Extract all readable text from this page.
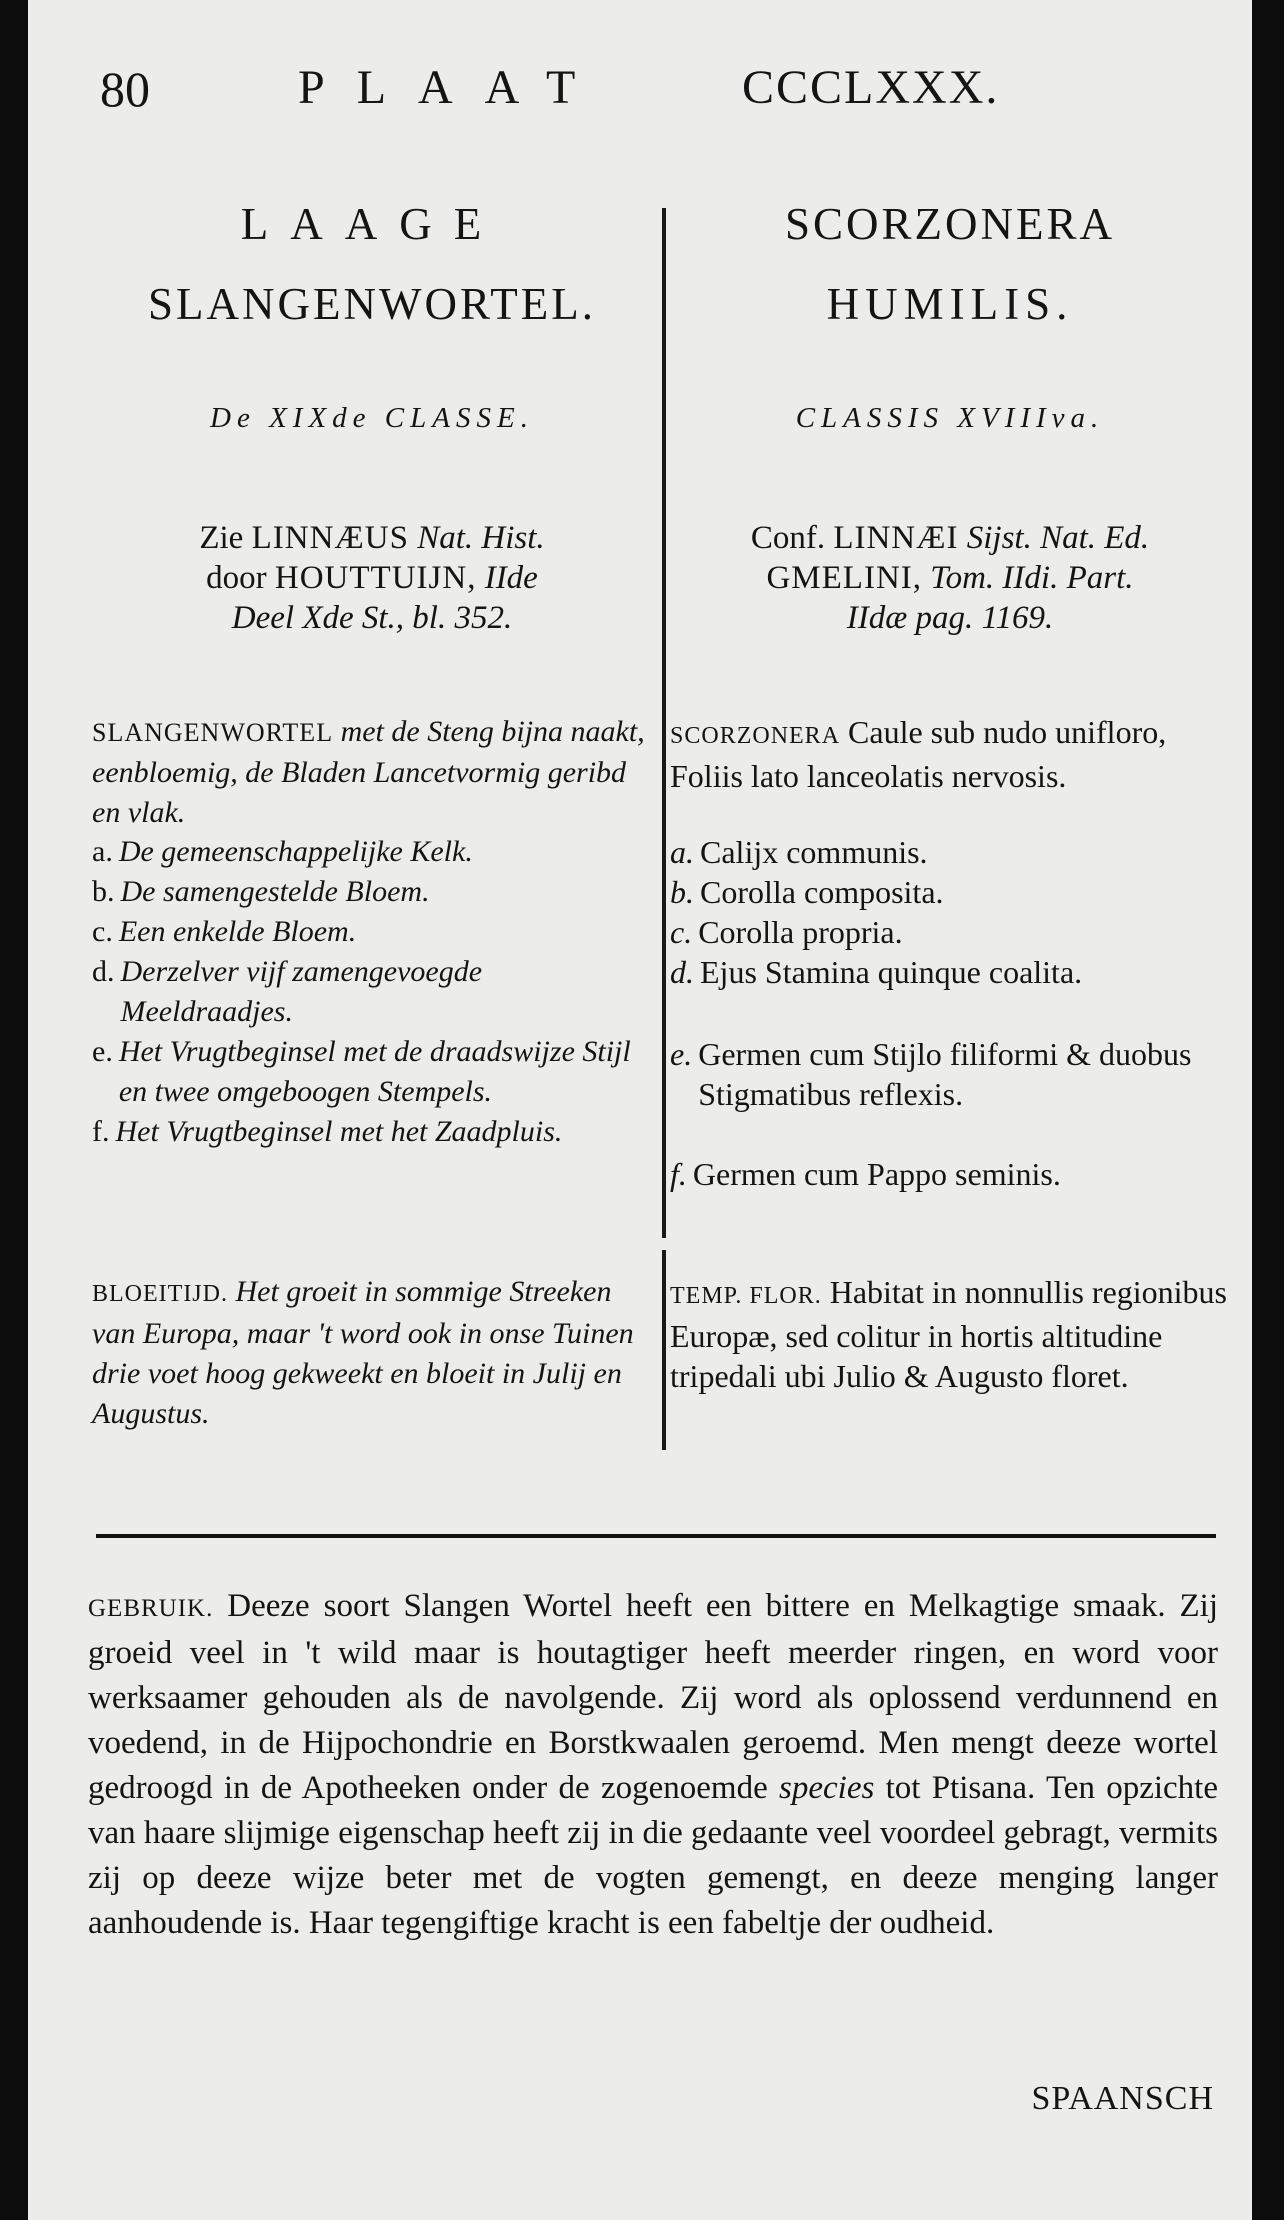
80	PLAAT	CCCLXXX.
LAAGE
SLANGENWORTEL.
De XIXde CLASSE.
Zie LINNÆUS Nat. Hist.
door HOUTTUIJN, IIde
Deel Xde St., bl. 352.
SLANGENWORTEL met de Steng bijna naakt, eenbloemig, de Bladen Lancetvormig geribd en vlak.
a. De gemeenschappelijke Kelk.
b. De samengestelde Bloem.
c. Een enkelde Bloem.
d. Derzelver vijf zamengevoegde Meeldraadjes.
e. Het Vrugtbeginsel met de draadswijze Stijl en twee omgeboogen Stempels.
f. Het Vrugtbeginsel met het Zaadpluis.
BLOEITIJD. Het groeit in sommige Streeken van Europa, maar 't word ook in onse Tuinen drie voet hoog gekweekt en bloeit in Julij en Augustus.
SCORZONERA
HUMILIS.
CLASSIS XVIIIva.
Conf. LINNÆI Sijst. Nat. Ed.
GMELINI, Tom. IIdi. Part.
IIdæ pag. 1169.
SCORZONERA Caule sub nudo unifloro, Foliis lato lanceolatis nervosis.
a. Calijx communis.
b. Corolla composita.
c. Corolla propria.
d. Ejus Stamina quinque coalita.
e. Germen cum Stijlo filiformi & duobus Stigmatibus reflexis.
f. Germen cum Pappo seminis.
TEMP. FLOR. Habitat in nonnullis regionibus Europæ, sed colitur in hortis altitudine tripedali ubi Julio & Augusto floret.
GEBRUIK. Deeze soort Slangen Wortel heeft een bittere en Melkagtige smaak. Zij groeid veel in 't wild maar is houtagtiger heeft meerder ringen, en word voor werksaamer gehouden als de navolgende. Zij word als oplossend verdunnend en voedend, in de Hijpochondrie en Borstkwaalen geroemd. Men mengt deeze wortel gedroogd in de Apotheeken onder de zogenoemde species tot Ptisana. Ten opzichte van haare slijmige eigenschap heeft zij in die gedaante veel voordeel gebragt, vermits zij op deeze wijze beter met de vogten gemengt, en deeze menging langer aanhoudende is. Haar tegengiftige kracht is een fabeltje der oudheid.
SPAANSCH
